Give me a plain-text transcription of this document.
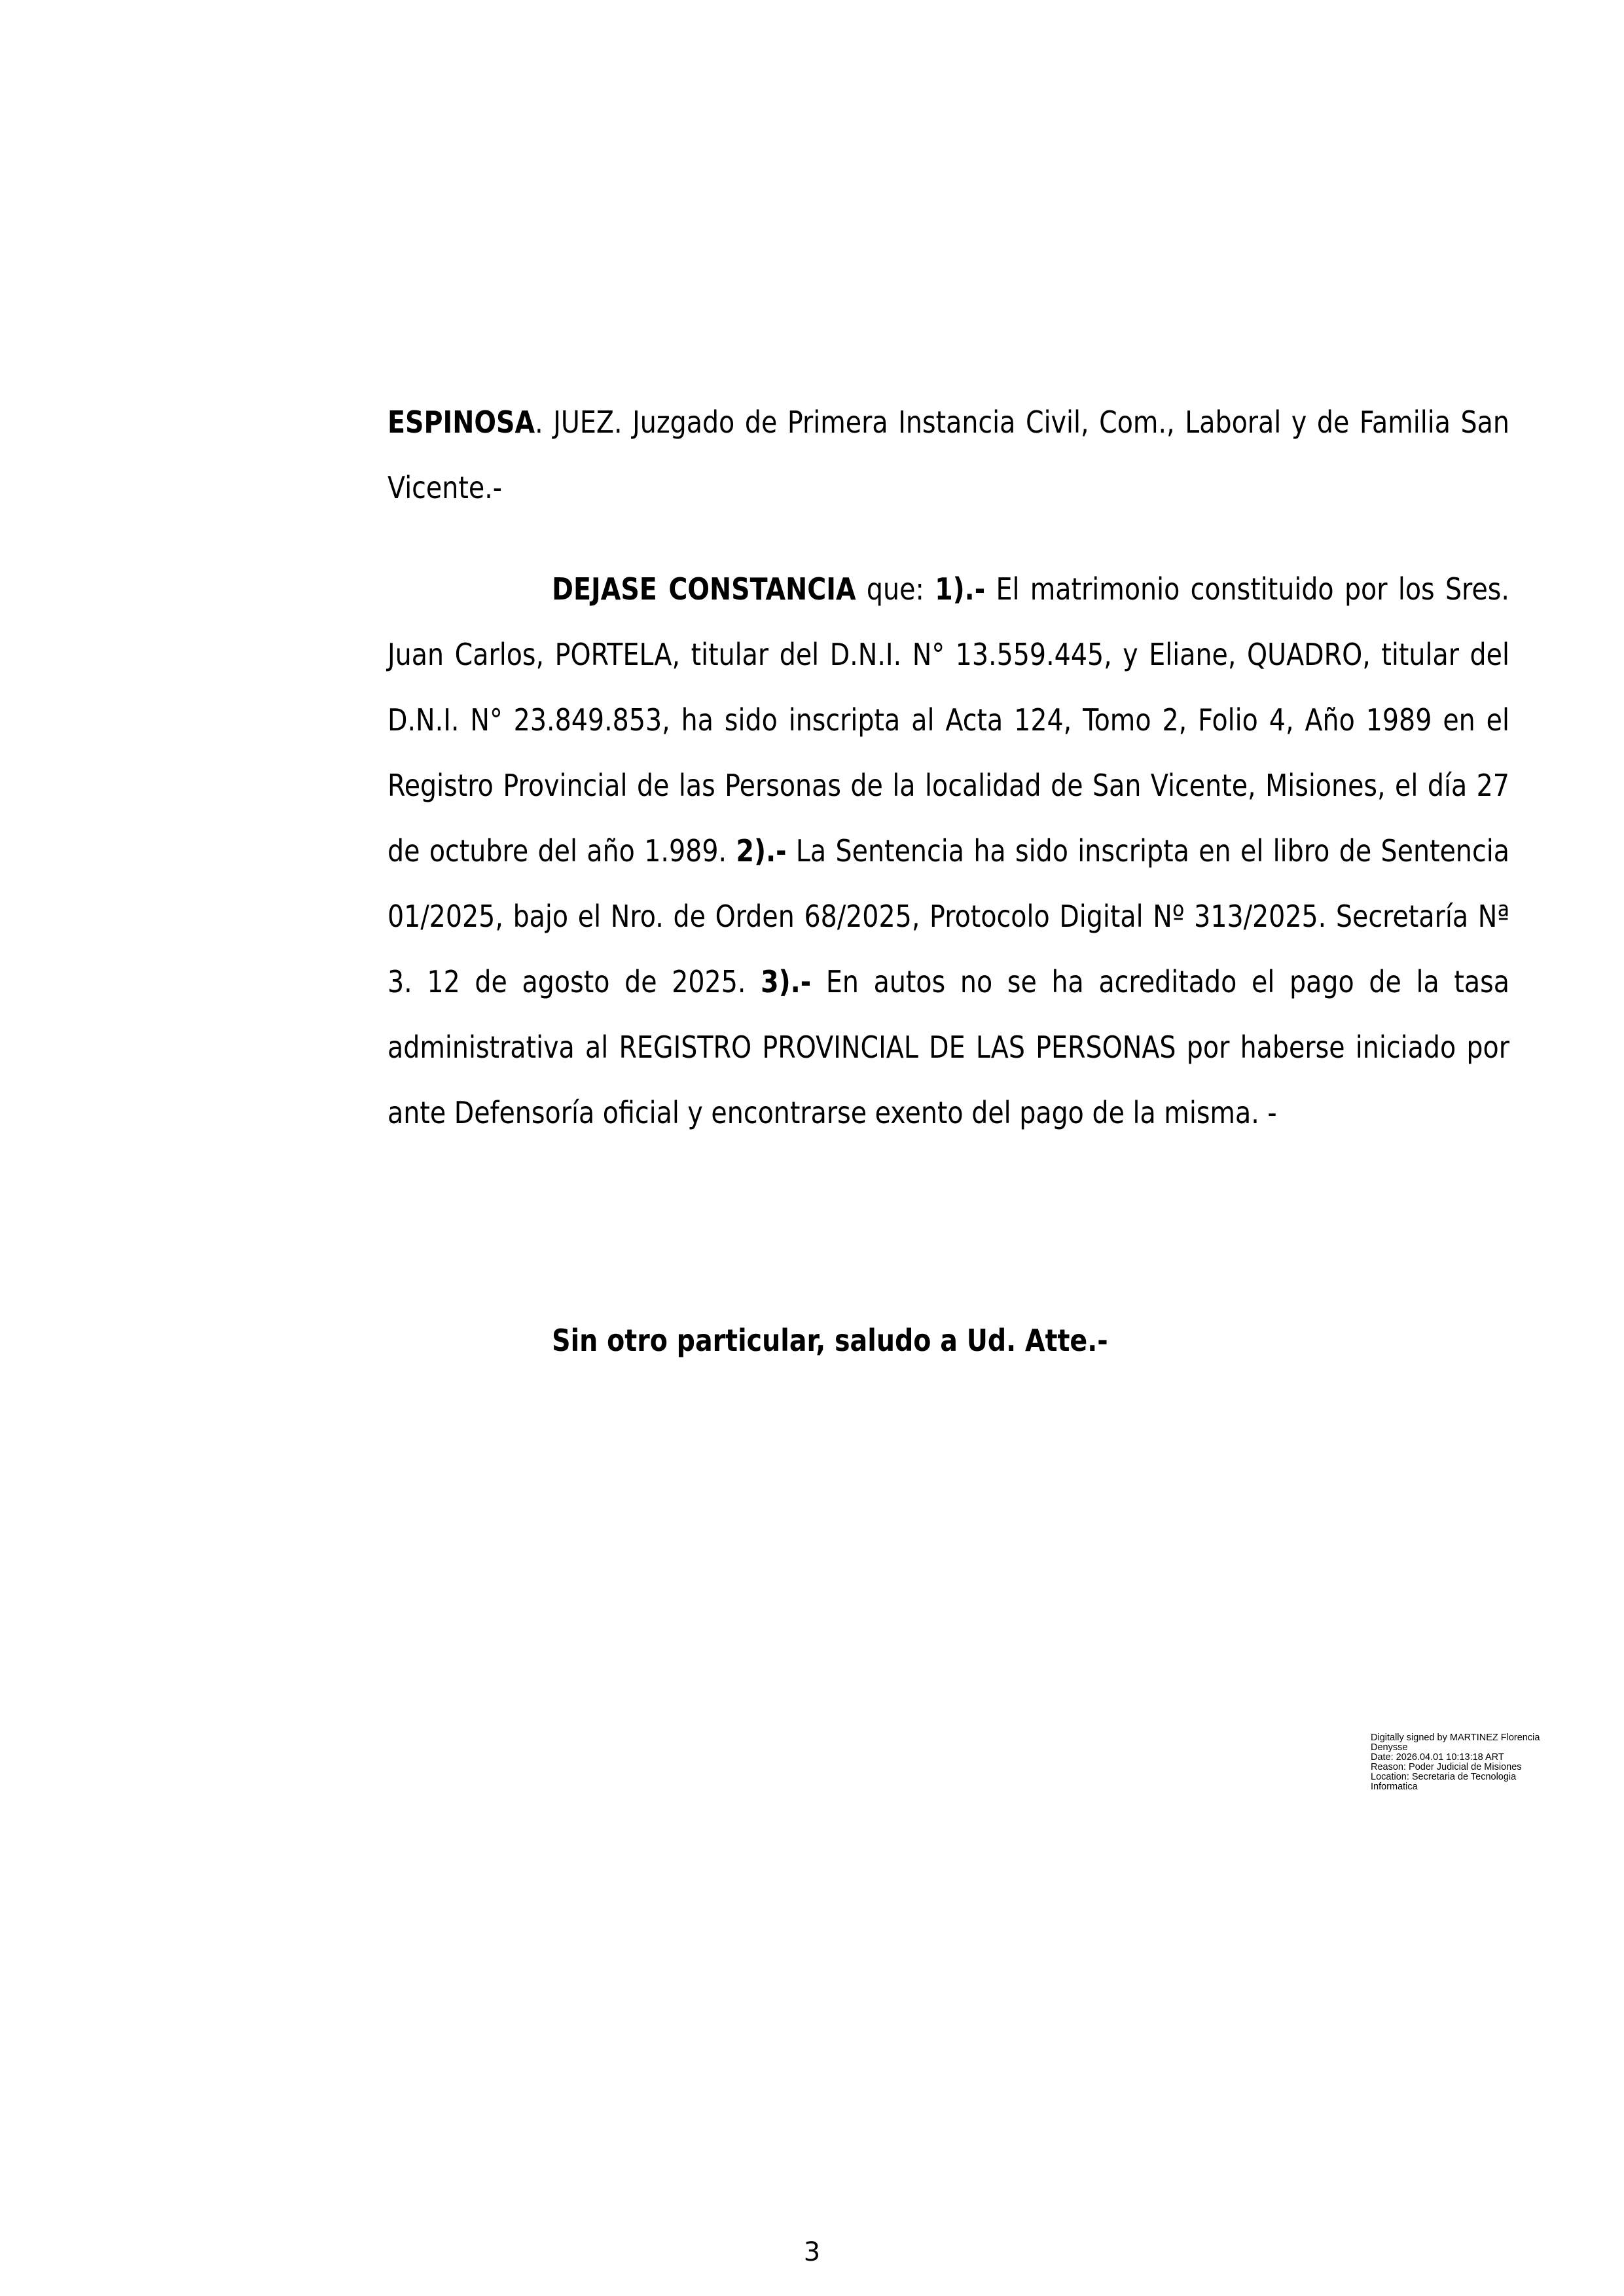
ESPINOSA. JUEZ. Juzgado de Primera Instancia Civil, Com., Laboral y de Familia San Vicente.-
DEJASE CONSTANCIA que: 1).- El matrimonio constituido por los Sres. Juan Carlos, PORTELA, titular del D.N.I. N° 13.559.445, y Eliane, QUADRO, titular del D.N.I. N° 23.849.853, ha sido inscripta al Acta 124, Tomo 2, Folio 4, Año 1989 en el Registro Provincial de las Personas de la localidad de San Vicente, Misiones, el día 27 de octubre del año 1.989. 2).- La Sentencia ha sido inscripta en el libro de Sentencia 01/2025, bajo el Nro. de Orden 68/2025, Protocolo Digital Nº 313/2025. Secretaría Nª 3. 12 de agosto de 2025. 3).- En autos no se ha acreditado el pago de la tasa administrativa al REGISTRO PROVINCIAL DE LAS PERSONAS por haberse iniciado por ante Defensoría oficial y encontrarse exento del pago de la misma. -
Sin otro particular, saludo a Ud. Atte.-
Digitally signed by MARTINEZ Florencia
Denysse
Date: 2026.04.01 10:13:18 ART
Reason: Poder Judicial de Misiones
Location: Secretaria de Tecnologia
Informatica
3
